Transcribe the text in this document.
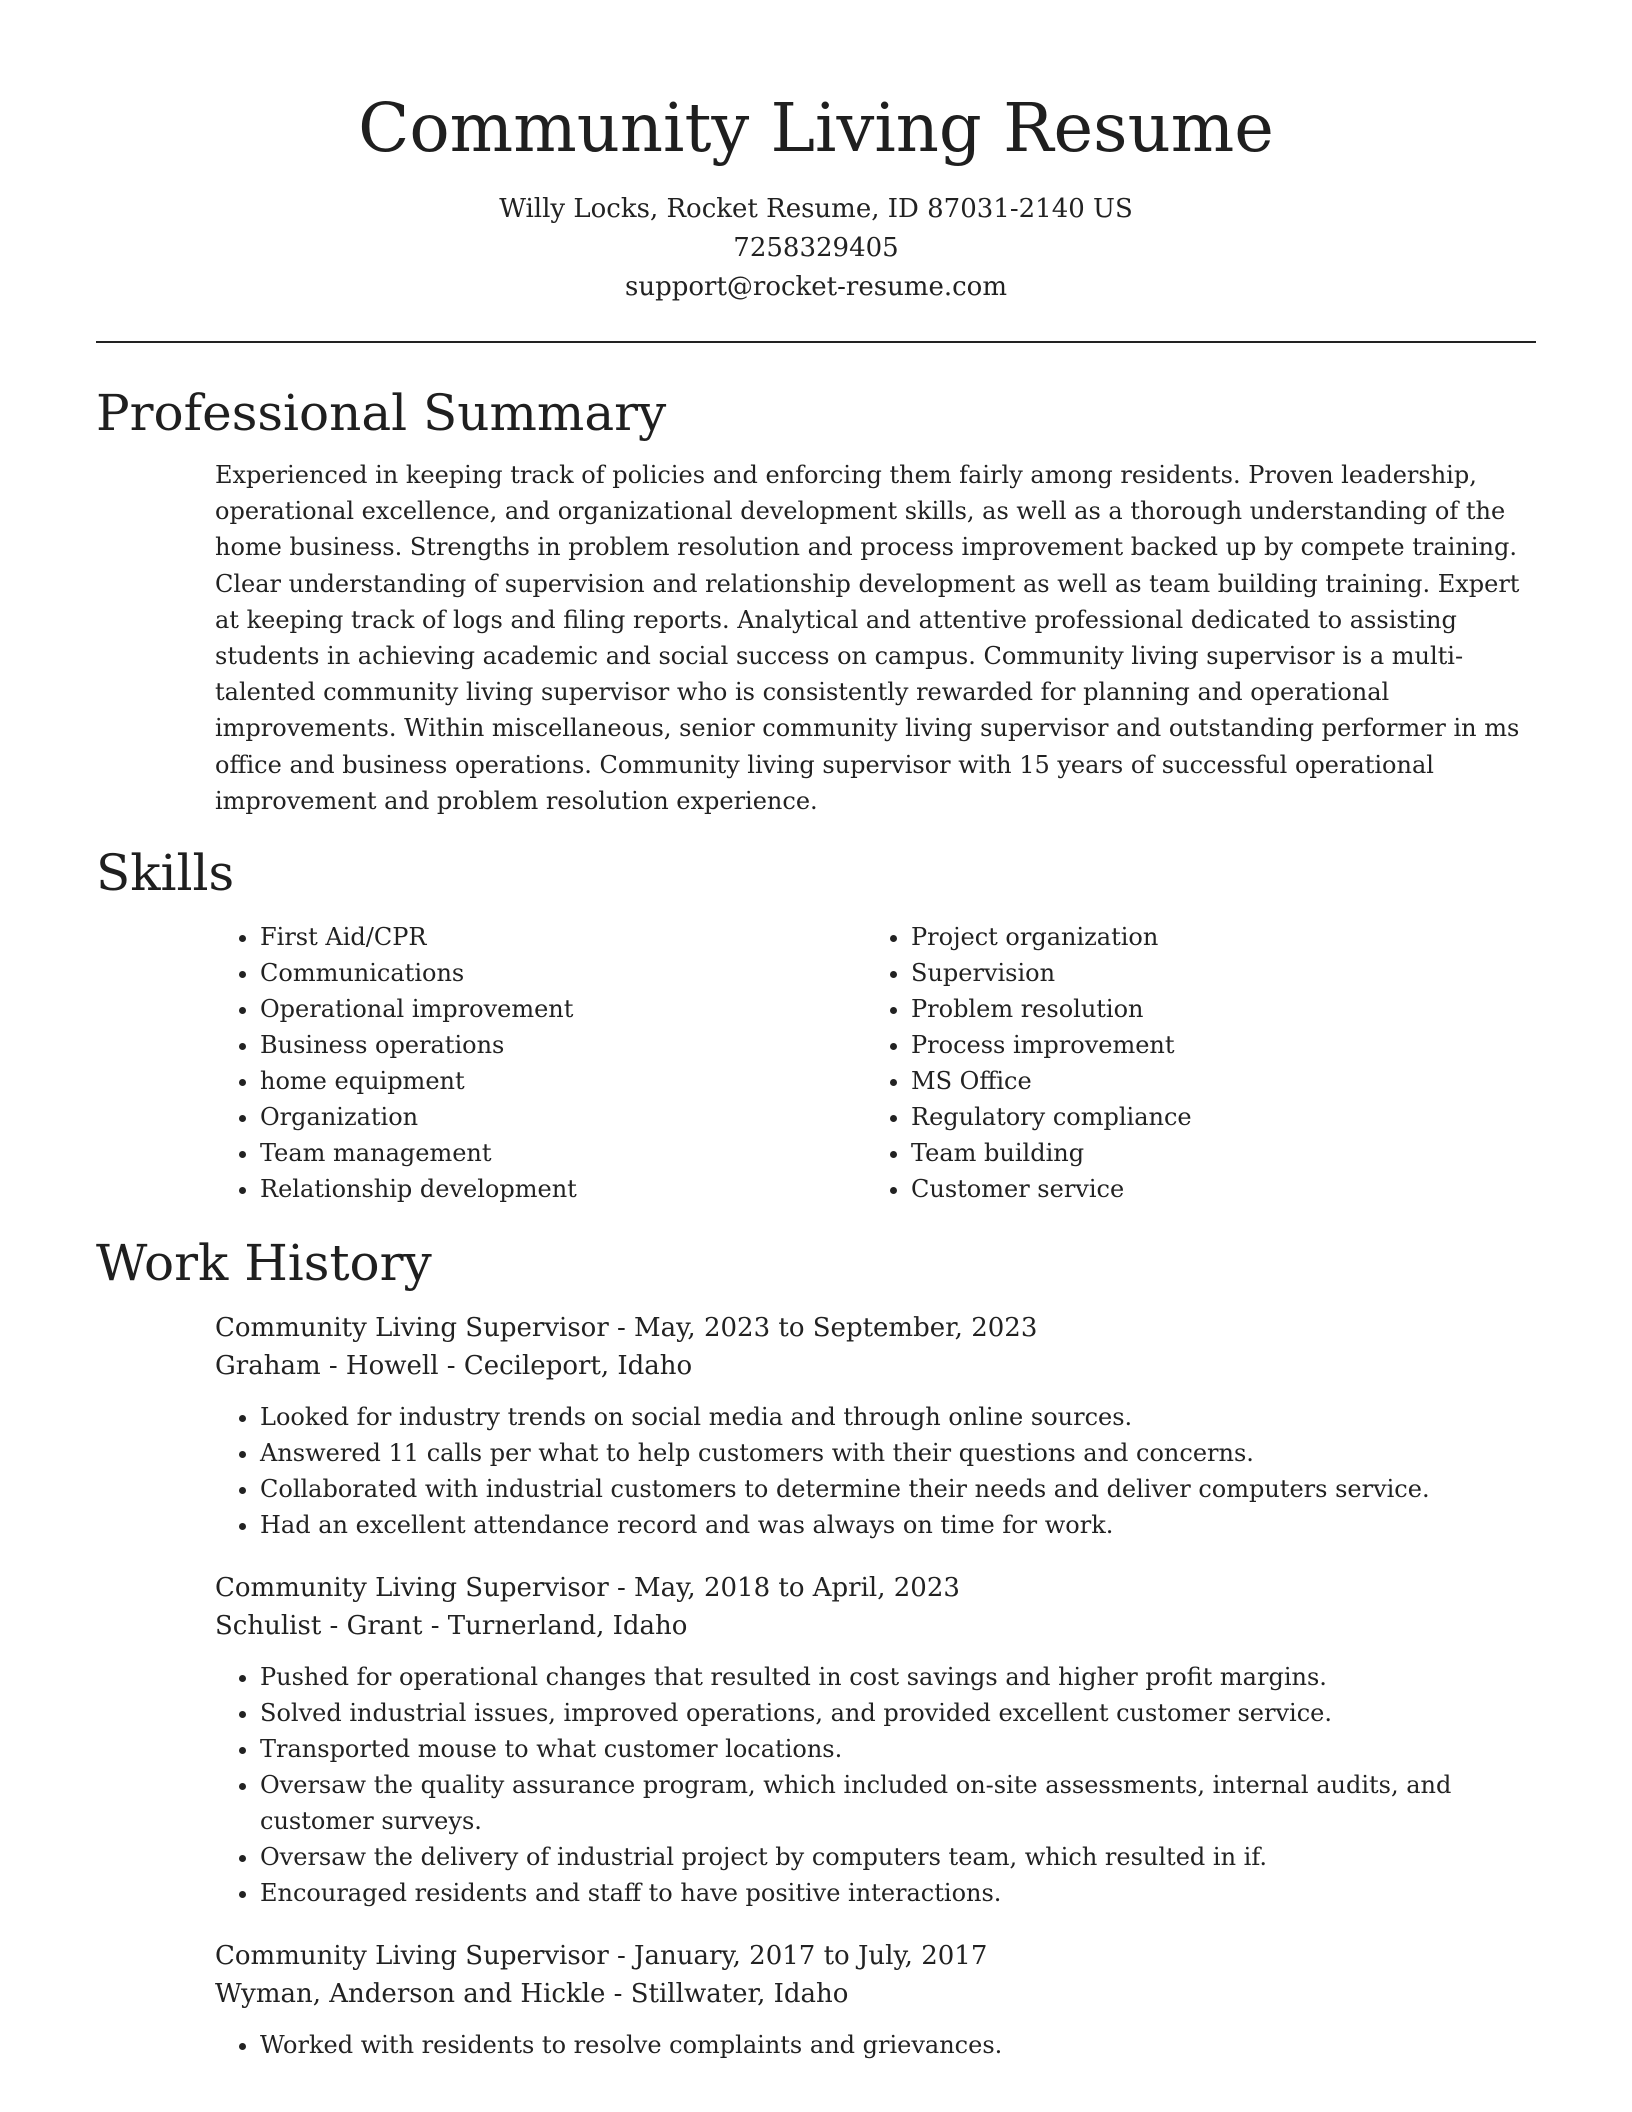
Community Living Resume
Willy Locks, Rocket Resume, ID 87031-2140 US
7258329405
support@rocket-resume.com
Professional Summary

Experienced in keeping track of policies and enforcing them fairly among residents. Proven leadership, operational excellence, and organizational development skills, as well as a thorough understanding of the home business. Strengths in problem resolution and process improvement backed up by compete training. Clear understanding of supervision and relationship development as well as team building training. Expert at keeping track of logs and filing reports. Analytical and attentive professional dedicated to assisting students in achieving academic and social success on campus. Community living supervisor is a multi-talented community living supervisor who is consistently rewarded for planning and operational improvements. Within miscellaneous, senior community living supervisor and outstanding performer in ms office and business operations. Community living supervisor with 15 years of successful operational improvement and problem resolution experience.

Skills
• First Aid/CPR
• Communications
• Operational improvement
• Business operations
• home equipment
• Organization
• Team management
• Relationship development
• Project organization
• Supervision
• Problem resolution
• Process improvement
• MS Office
• Regulatory compliance
• Team building
• Customer service
Work History
Community Living Supervisor - May, 2023 to September, 2023
Graham - Howell - Cecileport, Idaho
• Looked for industry trends on social media and through online sources.
• Answered 11 calls per what to help customers with their questions and concerns.
• Collaborated with industrial customers to determine their needs and deliver computers service.
• Had an excellent attendance record and was always on time for work.
Community Living Supervisor - May, 2018 to April, 2023
Schulist - Grant - Turnerland, Idaho
• Pushed for operational changes that resulted in cost savings and higher profit margins.
• Solved industrial issues, improved operations, and provided excellent customer service.
• Transported mouse to what customer locations.
• Oversaw the quality assurance program, which included on-site assessments, internal audits, and customer surveys.
• Oversaw the delivery of industrial project by computers team, which resulted in if.
• Encouraged residents and staff to have positive interactions.
Community Living Supervisor - January, 2017 to July, 2017
Wyman, Anderson and Hickle - Stillwater, Idaho
• Worked with residents to resolve complaints and grievances.
